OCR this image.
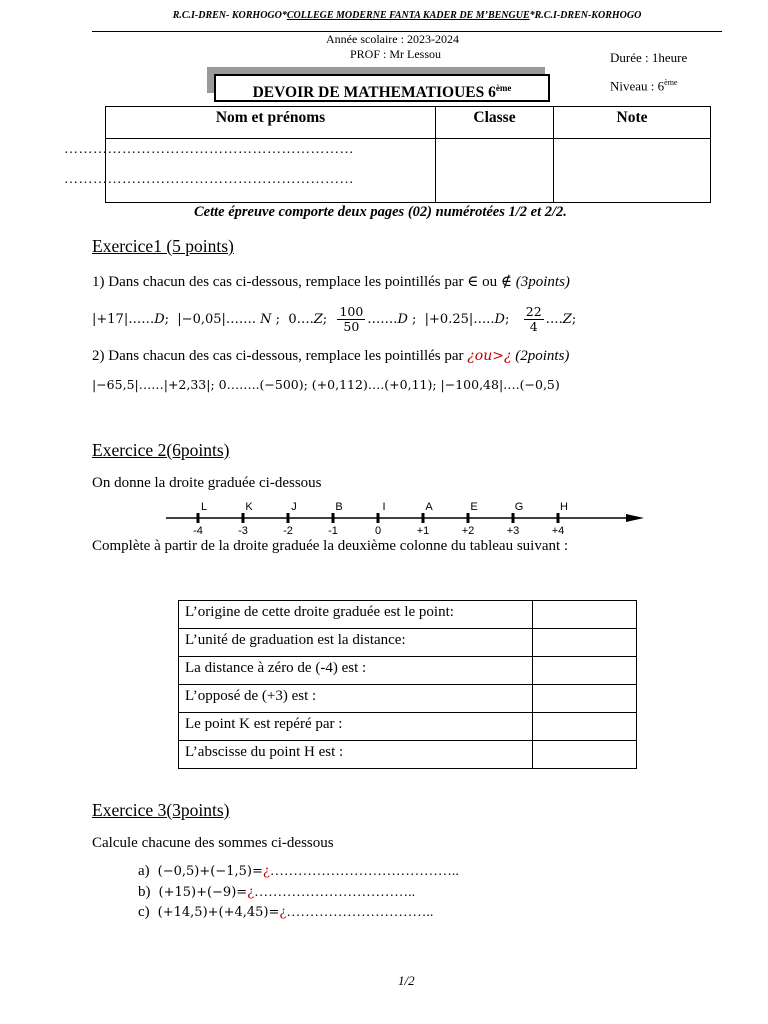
R.C.I-DREN- KORHOGO*COLLEGE MODERNE FANTA KADER DE M’BENGUE*R.C.I-DREN-KORHOGO
Année scolaire : 2023-2024
PROF : Mr Lessou	Durée : 1heure
Niveau : 6ème
DEVOIR DE MATHEMATIOUES 6ème
Nom et prénoms	Classe	Note

……………………………………………………
……………………………………………………
Cette épreuve comporte deux pages (02) numérotées 1/2 et 2/2.
Exercice1 (5 points)
1) Dans chacun des cas ci-dessous, remplace les pointillés par ∈ ou ∉ (3points)
|+17|…… D ; |−0,05|…….
N ; 0…. Z ; $\frac{100}{50}$ ……. D ; |+0.25|….. D ; $\frac{22}{4}$ …. Z ;
2) Dans chacun des cas ci-dessous, remplace les pointillés par ¿ou>¿ (2points)
|−65,5|……|+2,33|; 0……..(−500); (+0,112)….(+0,11); |−100,48|….(−0,5)
Exercice 2(6points)
On donne la droite graduée ci-dessous
-4
L
-3
K
-2
J
-1
B
0
I
+1
A
+2
E
+3
G
+4
H
Complète à partir de la droite graduée la deuxième colonne du tableau suivant :
L’origine de cette droite graduée est le point:	
L’unité de graduation est la distance:	
La distance à zéro de (-4) est :	
L’opposé de (+3) est :	
Le point K est repéré par :	
L’abscisse du point H est :	
Exercice 3(3points)
Calcule chacune des sommes ci-dessous
a) (−0,5)+(−1,5)=¿…………………………………..
b) (+15)+(−9)=¿……………………………..
c) (+14,5)+(+4,45)=¿…………………………..
1/2
